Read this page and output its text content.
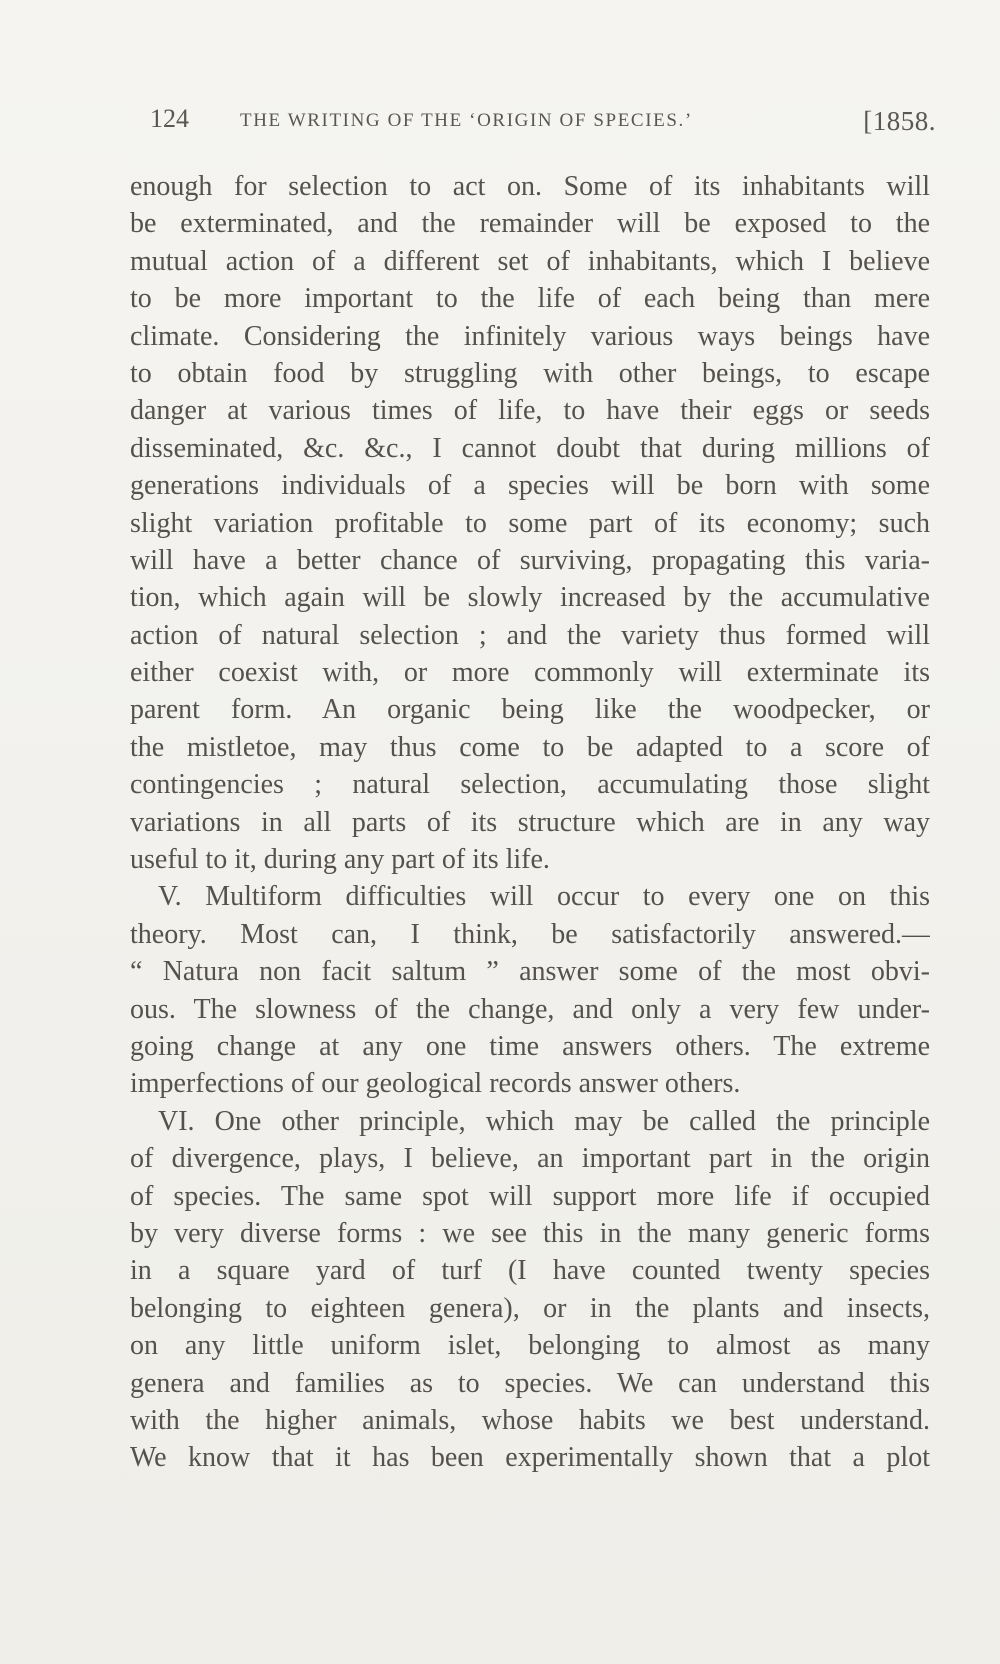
124	THE WRITING OF THE ‘ORIGIN OF SPECIES.’	[1858.
enough for selection to act on. Some of its inhabitants will
be exterminated, and the remainder will be exposed to the
mutual action of a different set of inhabitants, which I believe
to be more important to the life of each being than mere
climate. Considering the infinitely various ways beings have
to obtain food by struggling with other beings, to escape
danger at various times of life, to have their eggs or seeds
disseminated, &c. &c., I cannot doubt that during millions of
generations individuals of a species will be born with some
slight variation profitable to some part of its economy; such
will have a better chance of surviving, propagating this varia-
tion, which again will be slowly increased by the accumulative
action of natural selection ; and the variety thus formed will
either coexist with, or more commonly will exterminate its
parent form. An organic being like the woodpecker, or
the mistletoe, may thus come to be adapted to a score of
contingencies ; natural selection, accumulating those slight
variations in all parts of its structure which are in any way
useful to it, during any part of its life.
V. Multiform difficulties will occur to every one on this
theory. Most can, I think, be satisfactorily answered.—
“ Natura non facit saltum ” answer some of the most obvi-
ous. The slowness of the change, and only a very few under-
going change at any one time answers others. The extreme
imperfections of our geological records answer others.
VI. One other principle, which may be called the principle
of divergence, plays, I believe, an important part in the origin
of species. The same spot will support more life if occupied
by very diverse forms : we see this in the many generic forms
in a square yard of turf (I have counted twenty species
belonging to eighteen genera), or in the plants and insects,
on any little uniform islet, belonging to almost as many
genera and families as to species. We can understand this
with the higher animals, whose habits we best understand.
We know that it has been experimentally shown that a plot
